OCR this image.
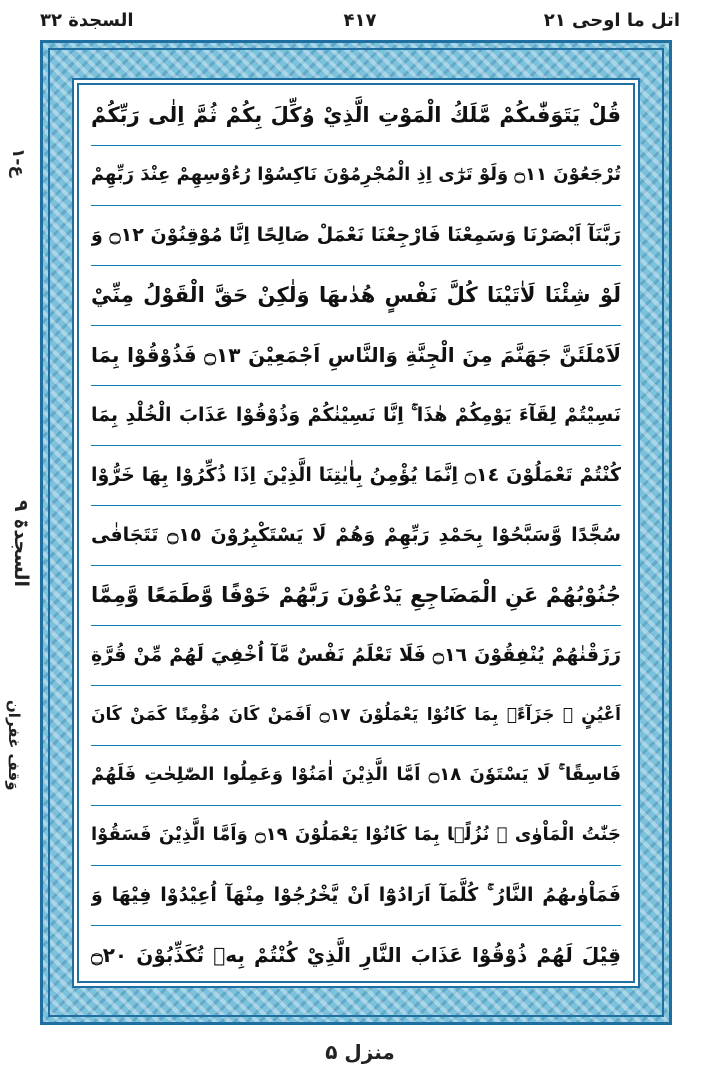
اتل ما اوحی ۲۱
۴۱۷
السجدة ۳۲
ع-۱
السجدۃ ۹
وَقف غفران
قُلْ يَتَوَفّٰىكُمْ مَّلَكُ الْمَوْتِ الَّذِيْ وُكِّلَ بِكُمْ ثُمَّ اِلٰى رَبِّكُمْ
تُرْجَعُوْنَ ۝١١ وَلَوْ تَرٰٓى اِذِ الْمُجْرِمُوْنَ نَاكِسُوْا رُءُوْسِهِمْ عِنْدَ رَبِّهِمْ
رَبَّنَآ اَبْصَرْنَا وَسَمِعْنَا فَارْجِعْنَا نَعْمَلْ صَالِحًا اِنَّا مُوْقِنُوْنَ ۝١٢ وَ
لَوْ شِئْنَا لَاٰتَيْنَا كُلَّ نَفْسٍ هُدٰىهَا وَلٰكِنْ حَقَّ الْقَوْلُ مِنِّيْ
لَاَمْلَئَنَّ جَهَنَّمَ مِنَ الْجِنَّةِ وَالنَّاسِ اَجْمَعِيْنَ ۝١٣ فَذُوْقُوْا بِمَا
نَسِيْتُمْ لِقَآءَ يَوْمِكُمْ هٰذَا ۚ اِنَّا نَسِيْنٰكُمْ وَذُوْقُوْا عَذَابَ الْخُلْدِ بِمَا
كُنْتُمْ تَعْمَلُوْنَ ۝١٤ اِنَّمَا يُؤْمِنُ بِاٰيٰتِنَا الَّذِيْنَ اِذَا ذُكِّرُوْا بِهَا خَرُّوْا
سُجَّدًا وَّسَبَّحُوْا بِحَمْدِ رَبِّهِمْ وَهُمْ لَا يَسْتَكْبِرُوْنَ ۝١٥ تَتَجَافٰى
جُنُوْبُهُمْ عَنِ الْمَضَاجِعِ يَدْعُوْنَ رَبَّهُمْ خَوْفًا وَّطَمَعًا وَّمِمَّا
رَزَقْنٰهُمْ يُنْفِقُوْنَ ۝١٦ فَلَا تَعْلَمُ نَفْسٌ مَّآ اُخْفِيَ لَهُمْ مِّنْ قُرَّةِ
اَعْيُنٍ ۚ جَزَآءًۢ بِمَا كَانُوْا يَعْمَلُوْنَ ۝١٧ اَفَمَنْ كَانَ مُؤْمِنًا كَمَنْ كَانَ
فَاسِقًا ۚ لَا يَسْتَوٗنَ ۝١٨ اَمَّا الَّذِيْنَ اٰمَنُوْا وَعَمِلُوا الصّٰلِحٰتِ فَلَهُمْ
جَنّٰتُ الْمَاْوٰى ۡ نُزُلًۢا بِمَا كَانُوْا يَعْمَلُوْنَ ۝١٩ وَاَمَّا الَّذِيْنَ فَسَقُوْا
فَمَاْوٰىهُمُ النَّارُ ۚ كُلَّمَآ اَرَادُوْٓا اَنْ يَّخْرُجُوْا مِنْهَآ اُعِيْدُوْا فِيْهَا وَ
قِيْلَ لَهُمْ ذُوْقُوْا عَذَابَ النَّارِ الَّذِيْ كُنْتُمْ بِهٖ تُكَذِّبُوْنَ ۝٢٠
منزل ۵
